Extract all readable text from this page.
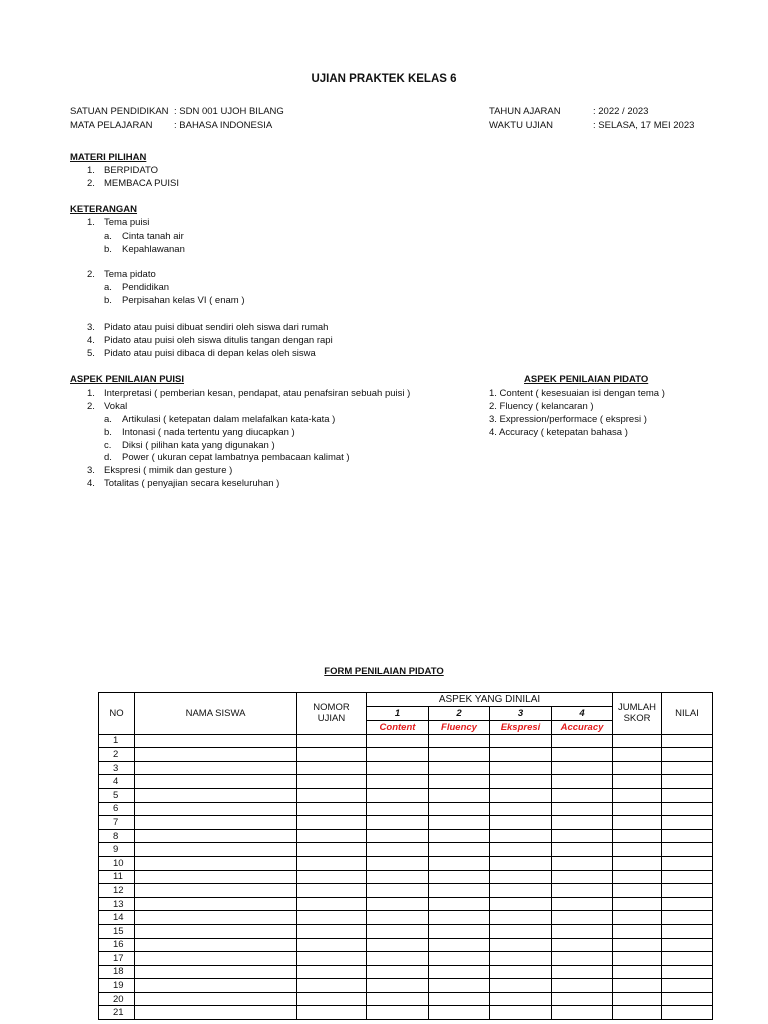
UJIAN PRAKTEK KELAS 6
SATUAN PENDIDIKAN : SDN 001 UJOH BILANG
MATA PELAJARAN : BAHASA INDONESIA
TAHUN AJARAN	: 2022 / 2023
WAKTU UJIAN	: SELASA, 17 MEI 2023
MATERI PILIHAN
1. BERPIDATO
2. MEMBACA PUISI
KETERANGAN
1. Tema puisi
a. Cinta tanah air
b. Kepahlawanan
2. Tema pidato
a. Pendidikan
b. Perpisahan kelas VI ( enam )
3. Pidato atau puisi dibuat sendiri oleh siswa dari rumah
4. Pidato atau puisi oleh siswa ditulis tangan dengan rapi
5. Pidato atau puisi dibaca di depan kelas oleh siswa
ASPEK PENILAIAN PUISI
1. Interpretasi ( pemberian kesan, pendapat, atau penafsiran sebuah puisi )
2. Vokal
a. Artikulasi ( ketepatan dalam melafalkan kata-kata )
b. Intonasi ( nada tertentu yang diucapkan )
c. Diksi ( pilihan kata yang digunakan )
d. Power ( ukuran cepat lambatnya pembacaan kalimat )
3. Ekspresi ( mimik dan gesture )
4. Totalitas ( penyajian secara keseluruhan )
ASPEK PENILAIAN PIDATO
1. Content ( kesesuaian isi dengan tema )
2. Fluency ( kelancaran )
3. Expression/performace ( ekspresi )
4. Accuracy ( ketepatan bahasa )
FORM PENILAIAN PIDATO
NO	NAMA SISWA	NOMOR UJIAN	ASPEK YANG DINILAI				JUMLAH SKOR	NILAI
			1	2	3	4		
			Content	Fluency	Ekspresi	Accuracy		
1								
2								
3								
4								
5								
6								
7								
8								
9								
10								
11								
12								
13								
14								
15								
16								
17								
18								
19								
20								
21								
